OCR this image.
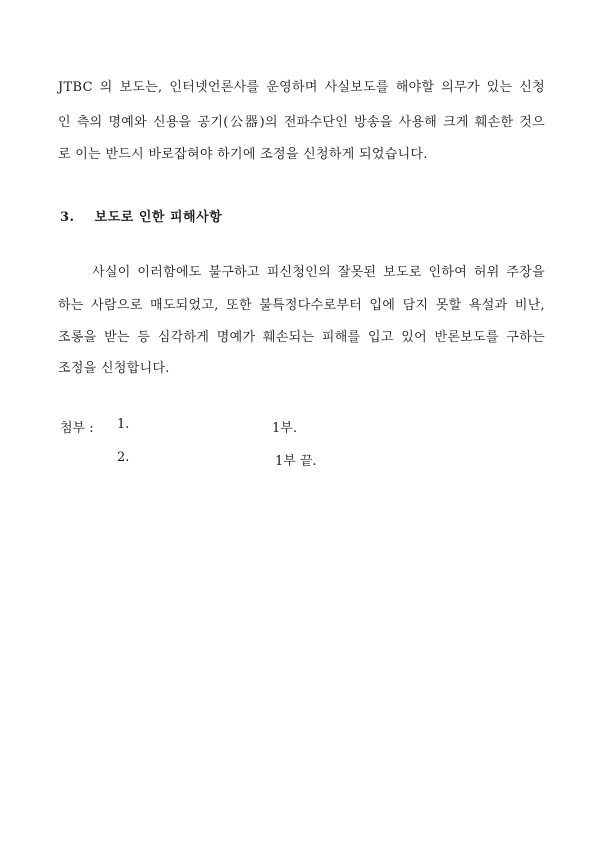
JTBC 의 보도는, 인터넷언론사를 운영하며 사실보도를 해야할 의무가 있는 신청
인 측의 명예와 신용을 공기(公器)의 전파수단인 방송을 사용해 크게 훼손한 것으
로 이는 반드시 바로잡혀야 하기에 조정을 신청하게 되었습니다.
3. 보도로 인한 피해사항
사실이 이러함에도 불구하고 피신청인의 잘못된 보도로 인하여 허위 주장을
하는 사람으로 매도되었고, 또한 불특정다수로부터 입에 담지 못할 욕설과 비난,
조롱을 받는 등 심각하게 명예가 훼손되는 피해를 입고 있어 반론보도를 구하는
조정을 신청합니다.
첨부 : 1.	1부.
2.	1부 끝.
